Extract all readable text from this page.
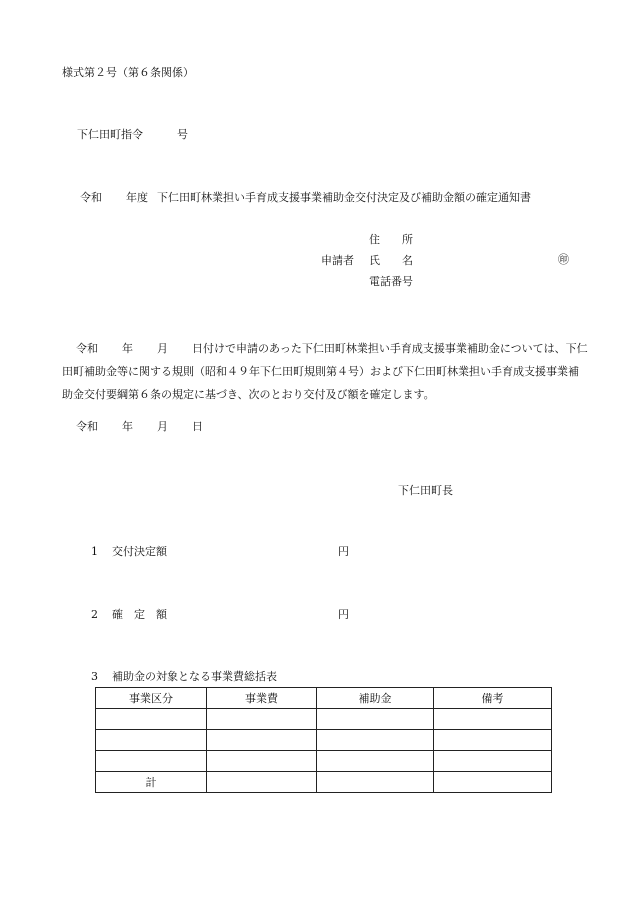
様式第２号（第６条関係）
下仁田町指令	号
令和 年度 下仁田町林業担い手育成支援事業補助金交付決定及び補助金額の確定通知書
住　　所
申請者 氏　　名	㊞
電話番号
令和 年 月 日付けで申請のあった下仁田町林業担い手育成支援事業補助金については、下仁田町補助金等に関する規則（昭和４９年下仁田町規則第４号）および下仁田町林業担い手育成支援事業補助金交付要綱第６条の規定に基づき、次のとおり交付及び額を確定します。
令和 年 月 日
下仁田町長
1 交付決定額	円
2 確　定　額	円
3 補助金の対象となる事業費総括表
事業区分	事業費	補助金	備考

計			
